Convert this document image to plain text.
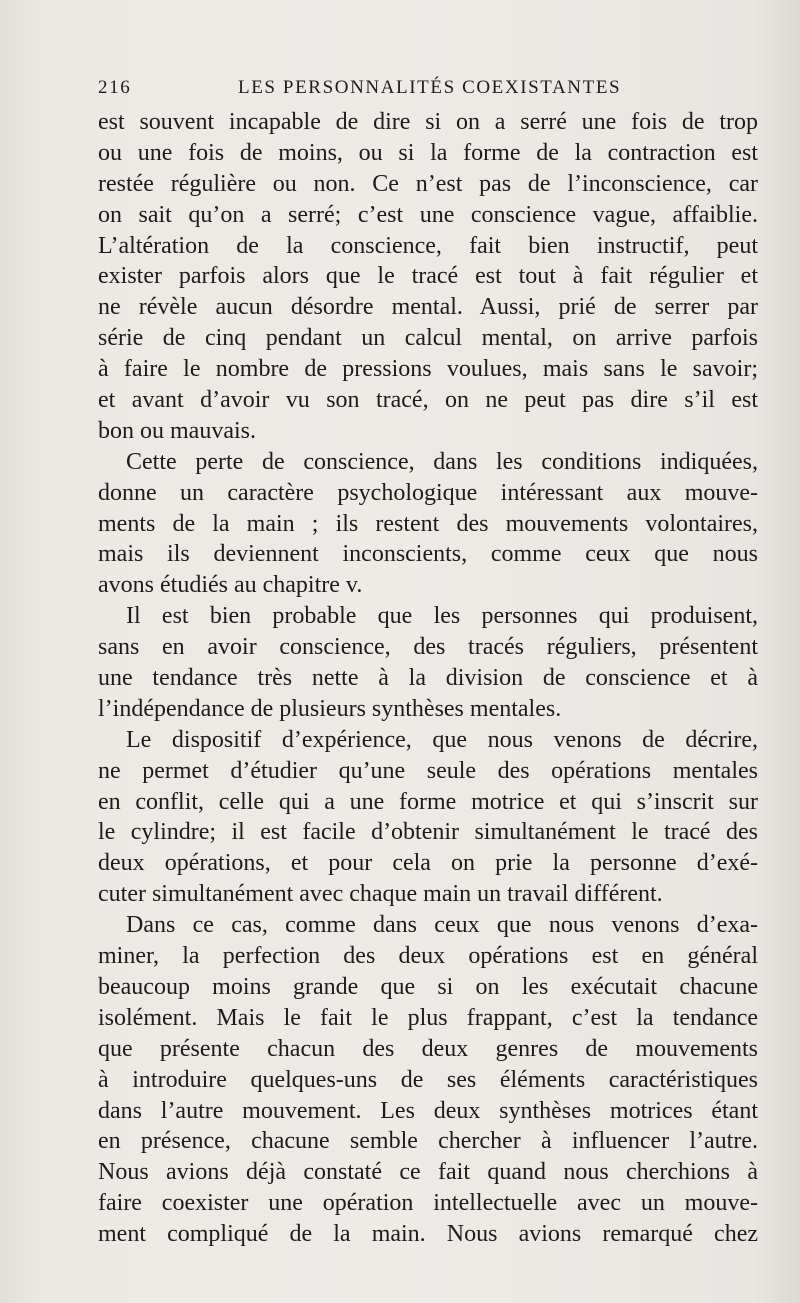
216	LES PERSONNALITÉS COEXISTANTES
est souvent incapable de dire si on a serré une fois de trop
ou une fois de moins, ou si la forme de la contraction est
restée régulière ou non. Ce n’est pas de l’inconscience, car
on sait qu’on a serré; c’est une conscience vague, affaiblie.
L’altération de la conscience, fait bien instructif, peut
exister parfois alors que le tracé est tout à fait régulier et
ne révèle aucun désordre mental. Aussi, prié de serrer par
série de cinq pendant un calcul mental, on arrive parfois
à faire le nombre de pressions voulues, mais sans le savoir;
et avant d’avoir vu son tracé, on ne peut pas dire s’il est
bon ou mauvais.
Cette perte de conscience, dans les conditions indiquées,
donne un caractère psychologique intéressant aux mouve-
ments de la main ; ils restent des mouvements volontaires,
mais ils deviennent inconscients, comme ceux que nous
avons étudiés au chapitre v.
Il est bien probable que les personnes qui produisent,
sans en avoir conscience, des tracés réguliers, présentent
une tendance très nette à la division de conscience et à
l’indépendance de plusieurs synthèses mentales.
Le dispositif d’expérience, que nous venons de décrire,
ne permet d’étudier qu’une seule des opérations mentales
en conflit, celle qui a une forme motrice et qui s’inscrit sur
le cylindre; il est facile d’obtenir simultanément le tracé des
deux opérations, et pour cela on prie la personne d’exé-
cuter simultanément avec chaque main un travail différent.
Dans ce cas, comme dans ceux que nous venons d’exa-
miner, la perfection des deux opérations est en général
beaucoup moins grande que si on les exécutait chacune
isolément. Mais le fait le plus frappant, c’est la tendance
que présente chacun des deux genres de mouvements
à introduire quelques-uns de ses éléments caractéristiques
dans l’autre mouvement. Les deux synthèses motrices étant
en présence, chacune semble chercher à influencer l’autre.
Nous avions déjà constaté ce fait quand nous cherchions à
faire coexister une opération intellectuelle avec un mouve-
ment compliqué de la main. Nous avions remarqué chez
